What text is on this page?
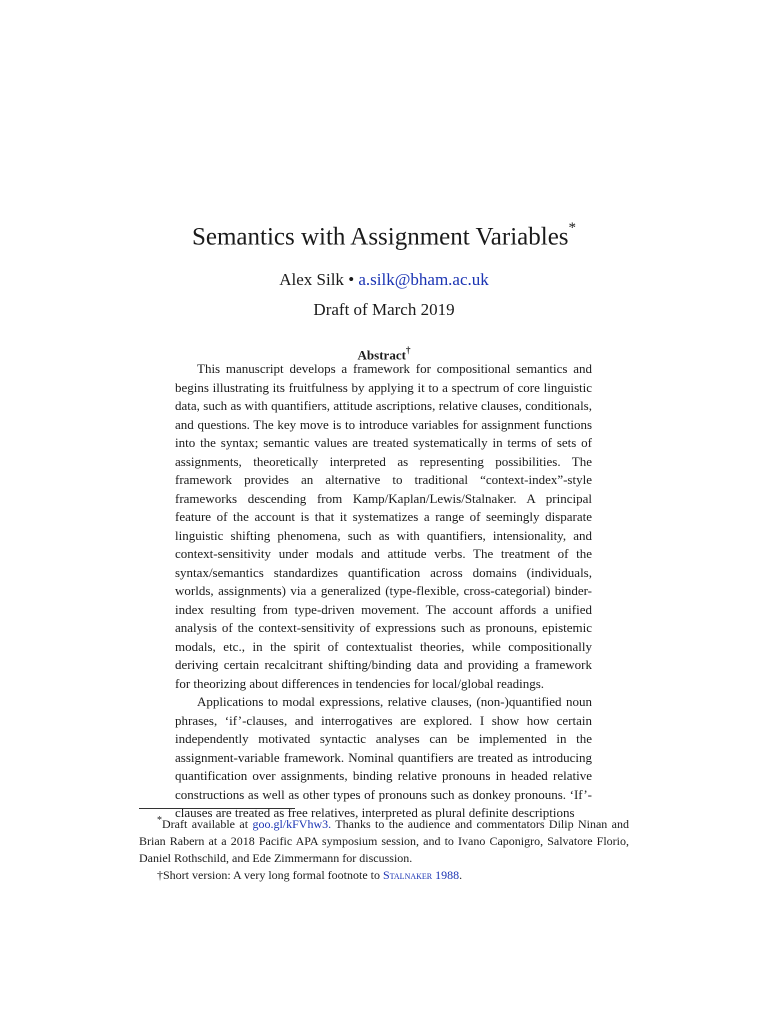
Semantics with Assignment Variables*
Alex Silk • a.silk@bham.ac.uk
Draft of March 2019
Abstract†

This manuscript develops a framework for compositional semantics and begins illustrating its fruitfulness by applying it to a spectrum of core linguistic data, such as with quantifiers, attitude ascriptions, relative clauses, conditionals, and questions. The key move is to introduce variables for assignment functions into the syntax; semantic values are treated systematically in terms of sets of assignments, theoretically interpreted as representing possibilities. The framework provides an alternative to traditional “context-index”-style frameworks descending from Kamp/Kaplan/Lewis/Stalnaker. A principal feature of the account is that it systematizes a range of seemingly disparate linguistic shifting phenomena, such as with quantifiers, intensionality, and context-sensitivity under modals and attitude verbs. The treatment of the syntax/semantics standardizes quantification across domains (individuals, worlds, assignments) via a generalized (type-flexible, cross-categorial) binder-index resulting from type-driven movement. The account affords a unified analysis of the context-sensitivity of expressions such as pronouns, epistemic modals, etc., in the spirit of contextualist theories, while compositionally deriving certain recalcitrant shifting/binding data and providing a framework for theorizing about differences in tendencies for local/global readings.

Applications to modal expressions, relative clauses, (non-)quantified noun phrases, ‘if’-clauses, and interrogatives are explored. I show how certain independently motivated syntactic analyses can be implemented in the assignment-variable framework. Nominal quantifiers are treated as introducing quantification over assignments, binding relative pronouns in headed relative constructions as well as other types of pronouns such as donkey pronouns. ‘If’-clauses are treated as free relatives, interpreted as plural definite descriptions

*Draft available at goo.gl/kFVhw3. Thanks to the audience and commentators Dilip Ninan and Brian Rabern at a 2018 Pacific APA symposium session, and to Ivano Caponigro, Salvatore Florio, Daniel Rothschild, and Ede Zimmermann for discussion.

†Short version: A very long formal footnote to Stalnaker 1988.
